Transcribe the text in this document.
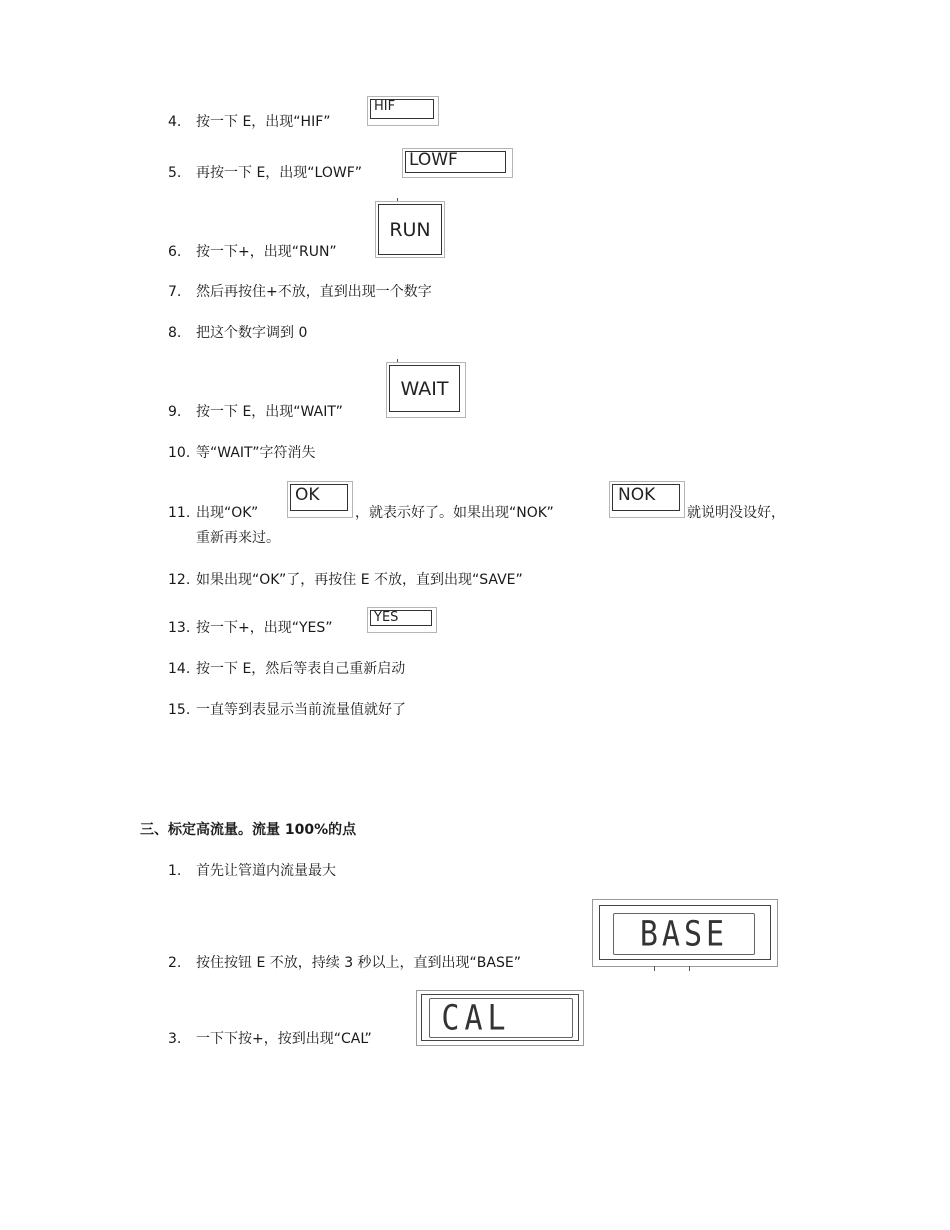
4. 按一下 E，出现“HIF”
HIF
5. 再按一下 E，出现“LOWF”
LOWF
6. 按一下+，出现“RUN”
RUN
7. 然后再按住+不放，直到出现一个数字
8. 把这个数字调到 0
9. 按一下 E，出现“WAIT”
WAIT
10. 等“WAIT”字符消失
11. 出现“OK”
OK
，就表示好了。如果出现“NOK”
NOK
就说明没设好，
重新再来过。
12. 如果出现“OK”了，再按住 E 不放，直到出现“SAVE”
13. 按一下+，出现“YES”
YES
14. 按一下 E，然后等表自己重新启动
15. 一直等到表显示当前流量值就好了
三、标定高流量。流量 100%的点
1. 首先让管道内流量最大
2. 按住按钮 E 不放，持续 3 秒以上，直到出现“BASE”
BASE
3. 一下下按+，按到出现“CAL”
CAL
